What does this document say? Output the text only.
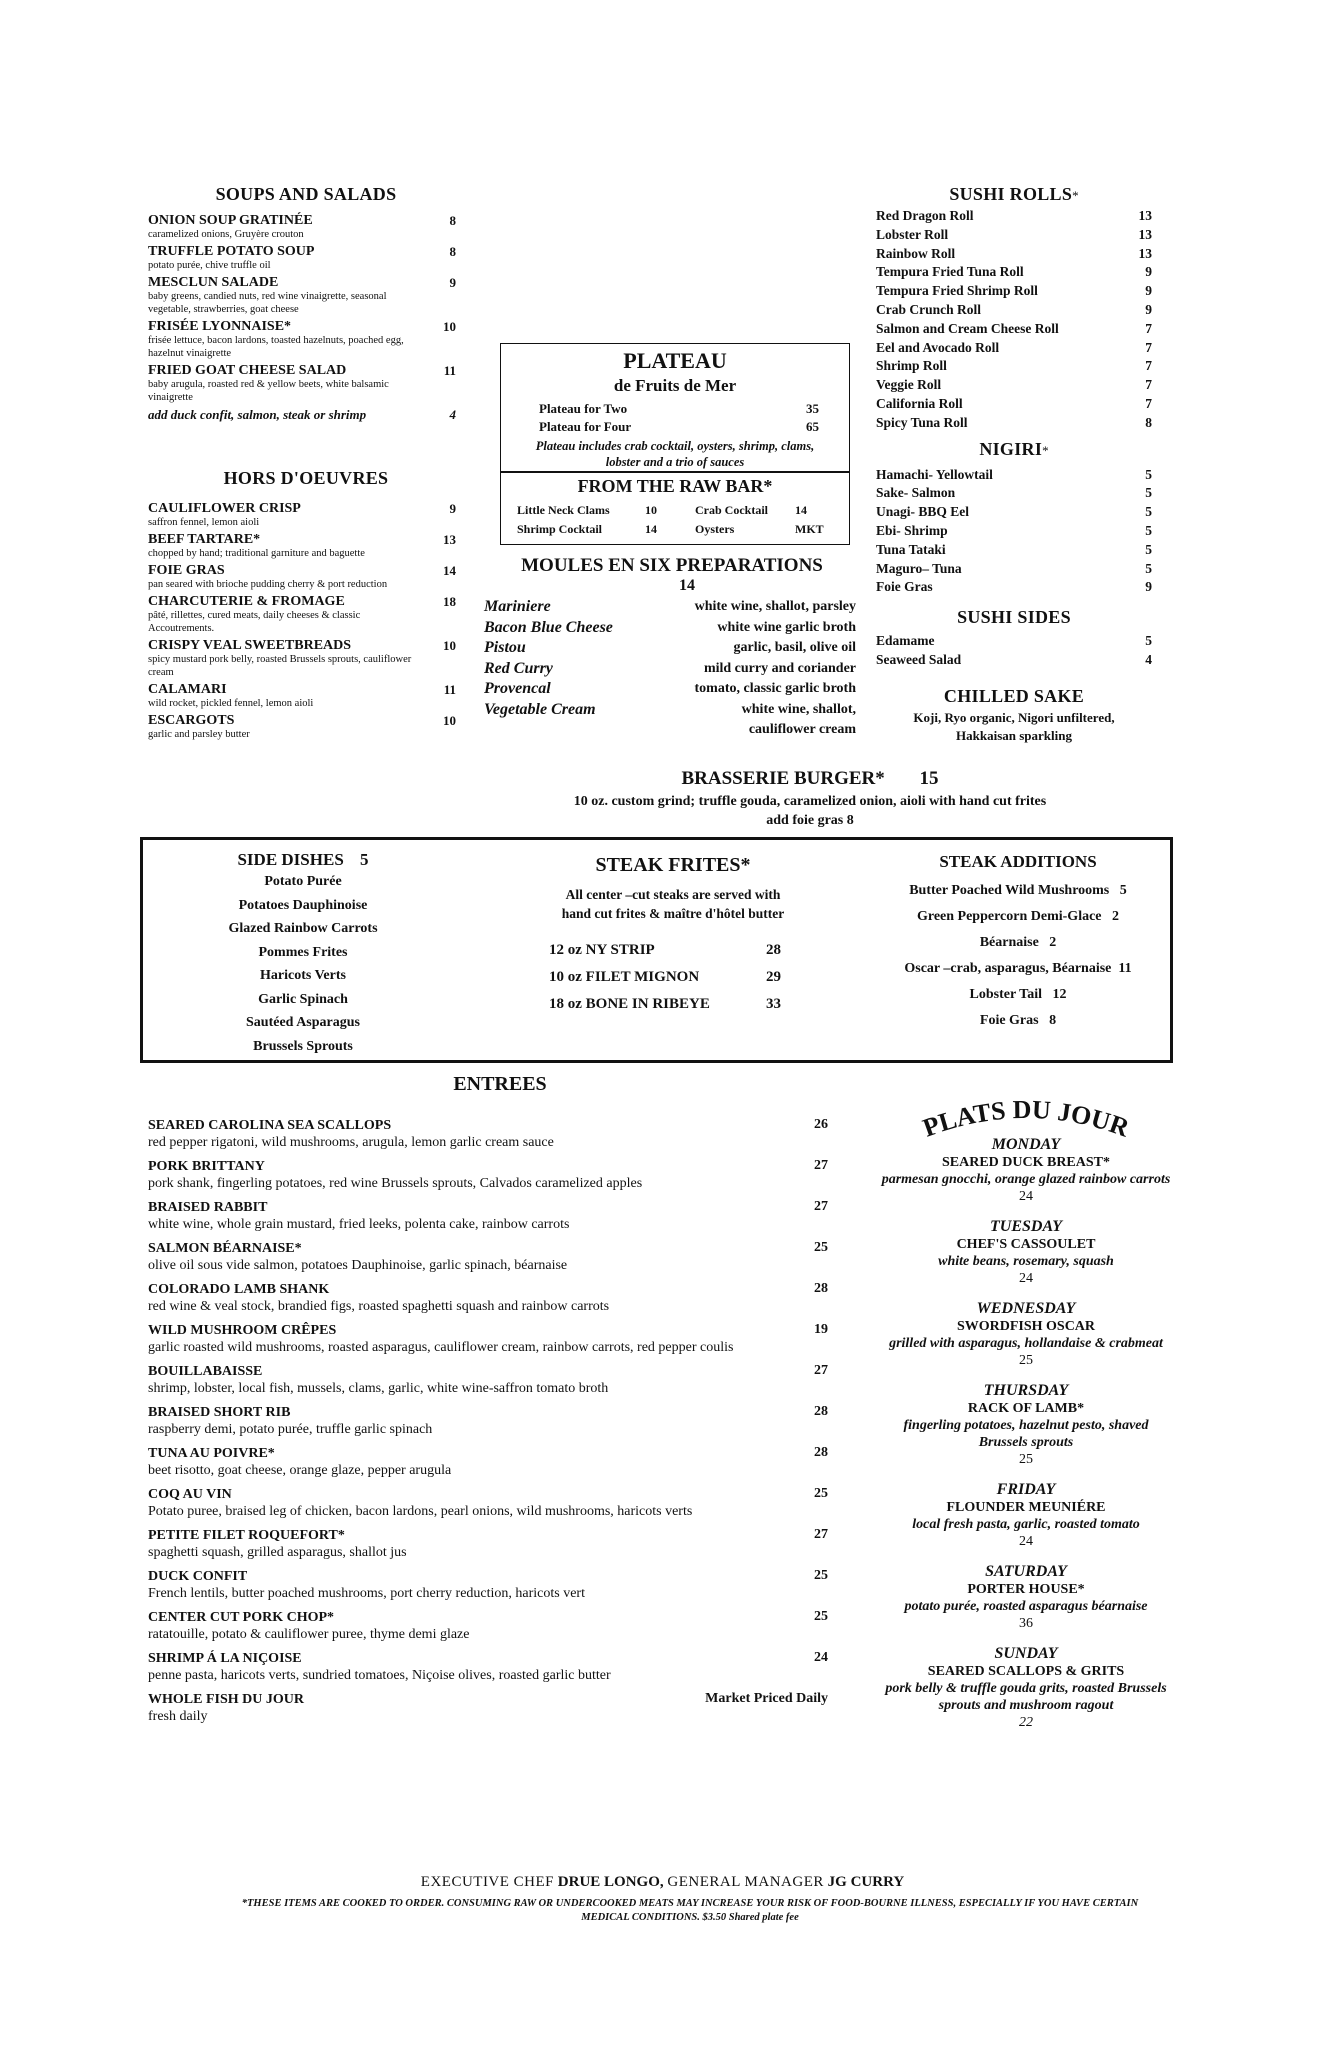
SOUPS AND SALADS
ONION SOUP GRATINÉE	8
caramelized onions, Gruyère crouton
TRUFFLE POTATO SOUP	8
potato purée, chive truffle oil
MESCLUN SALADE	9
baby greens, candied nuts, red wine vinaigrette, seasonal vegetable, strawberries, goat cheese
FRISÉE LYONNAISE*	10
frisée lettuce, bacon lardons, toasted hazelnuts, poached egg, hazelnut vinaigrette
FRIED GOAT CHEESE SALAD	11
baby arugula, roasted red & yellow beets, white balsamic vinaigrette
add duck confit, salmon, steak or shrimp	4
HORS D'OEUVRES
CAULIFLOWER CRISP	9
saffron fennel, lemon aioli
BEEF TARTARE*	13
chopped by hand; traditional garniture and baguette
FOIE GRAS	14
pan seared with brioche pudding cherry & port reduction
CHARCUTERIE & FROMAGE	18
pâté, rillettes, cured meats, daily cheeses & classic Accoutrements.
CRISPY VEAL SWEETBREADS	10
spicy mustard pork belly, roasted Brussels sprouts, cauliflower cream
CALAMARI	11
wild rocket, pickled fennel, lemon aioli
ESCARGOTS	10
garlic and parsley butter
PLATEAU
de Fruits de Mer
Plateau for Two	35
Plateau for Four	65
Plateau includes crab cocktail, oysters, shrimp, clams, lobster and a trio of sauces
FROM THE RAW BAR*
Little Neck Clams	10	Crab Cocktail	14
Shrimp Cocktail	14	Oysters	MKT
MOULES EN SIX PREPARATIONS
14
Mariniere	white wine, shallot, parsley
Bacon Blue Cheese	white wine garlic broth
Pistou	garlic, basil, olive oil
Red Curry	mild curry and coriander
Provencal	tomato, classic garlic broth
Vegetable Cream	white wine, shallot,
cauliflower cream
SUSHI ROLLS*
Red Dragon Roll	13
Lobster Roll	13
Rainbow Roll	13
Tempura Fried Tuna Roll	9
Tempura Fried Shrimp Roll	9
Crab Crunch Roll	9
Salmon and Cream Cheese Roll	7
Eel and Avocado Roll	7
Shrimp Roll	7
Veggie Roll	7
California Roll	7
Spicy Tuna Roll	8
NIGIRI*
Hamachi- Yellowtail	5
Sake- Salmon	5
Unagi- BBQ Eel	5
Ebi- Shrimp	5
Tuna Tataki	5
Maguro– Tuna	5
Foie Gras	9
SUSHI SIDES
Edamame	5
Seaweed Salad	4
CHILLED SAKE
Koji, Ryo organic, Nigori unfiltered,
Hakkaisan sparkling
BRASSERIE BURGER* 15
10 oz. custom grind; truffle gouda, caramelized onion, aioli with hand cut frites
add foie gras 8
SIDE DISHES 5
Potato Purée
Potatoes Dauphinoise
Glazed Rainbow Carrots
Pommes Frites
Haricots Verts
Garlic Spinach
Sautéed Asparagus
Brussels Sprouts
STEAK FRITES*
All center –cut steaks are served with
hand cut frites & maître d'hôtel butter
12 oz NY STRIP	28
10 oz FILET MIGNON	29
18 oz BONE IN RIBEYE	33
STEAK ADDITIONS
Butter Poached Wild Mushrooms   5
Green Peppercorn Demi-Glace   2
Béarnaise   2
Oscar –crab, asparagus, Béarnaise  11
Lobster Tail   12
Foie Gras   8
ENTREES
SEARED CAROLINA SEA SCALLOPS	26
red pepper rigatoni, wild mushrooms, arugula, lemon garlic cream sauce
PORK BRITTANY	27
pork shank, fingerling potatoes, red wine Brussels sprouts, Calvados caramelized apples
BRAISED RABBIT	27
white wine, whole grain mustard, fried leeks, polenta cake, rainbow carrots
SALMON BÉARNAISE*	25
olive oil sous vide salmon, potatoes Dauphinoise, garlic spinach, béarnaise
COLORADO LAMB SHANK	28
red wine & veal stock, brandied figs, roasted spaghetti squash and rainbow carrots
WILD MUSHROOM CRÊPES	19
garlic roasted wild mushrooms, roasted asparagus, cauliflower cream, rainbow carrots, red pepper coulis
BOUILLABAISSE	27
shrimp, lobster, local fish, mussels, clams, garlic, white wine-saffron tomato broth
BRAISED SHORT RIB	28
raspberry demi, potato purée, truffle garlic spinach
TUNA AU POIVRE*	28
beet risotto, goat cheese, orange glaze, pepper arugula
COQ AU VIN	25
Potato puree, braised leg of chicken, bacon lardons, pearl onions, wild mushrooms, haricots verts
PETITE FILET ROQUEFORT*	27
spaghetti squash, grilled asparagus, shallot jus
DUCK CONFIT	25
French lentils, butter poached mushrooms, port cherry reduction, haricots vert
CENTER CUT PORK CHOP*	25
ratatouille, potato & cauliflower puree, thyme demi glaze
SHRIMP Á LA NIÇOISE	24
penne pasta, haricots verts, sundried tomatoes, Niçoise olives, roasted garlic butter
WHOLE FISH DU JOUR	Market Priced Daily
fresh daily
PLATS DU JOUR
MONDAY
SEARED DUCK BREAST*
parmesan gnocchi, orange glazed rainbow carrots
24
TUESDAY
CHEF'S CASSOULET
white beans, rosemary, squash
24
WEDNESDAY
SWORDFISH OSCAR
grilled with asparagus, hollandaise & crabmeat
25
THURSDAY
RACK OF LAMB*
fingerling potatoes, hazelnut pesto, shaved Brussels sprouts
25
FRIDAY
FLOUNDER MEUNIÉRE
local fresh pasta, garlic, roasted tomato
24
SATURDAY
PORTER HOUSE*
potato purée, roasted asparagus béarnaise
36
SUNDAY
SEARED SCALLOPS & GRITS
pork belly & truffle gouda grits, roasted Brussels sprouts and mushroom ragout
22
EXECUTIVE CHEF DRUE LONGO, GENERAL MANAGER JG CURRY
*THESE ITEMS ARE COOKED TO ORDER. CONSUMING RAW OR UNDERCOOKED MEATS MAY INCREASE YOUR RISK OF FOOD-BOURNE ILLNESS, ESPECIALLY IF YOU HAVE CERTAIN MEDICAL CONDITIONS. $3.50 Shared plate fee
